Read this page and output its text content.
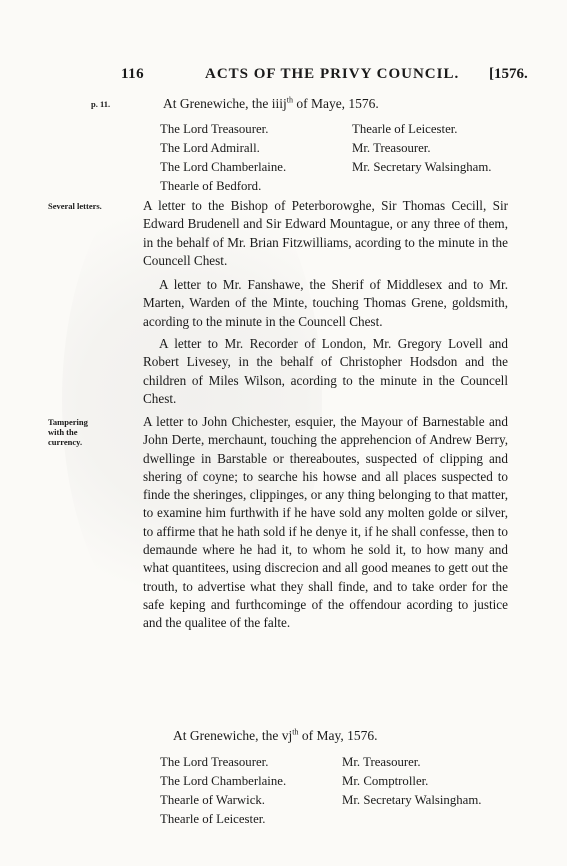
116	ACTS OF THE PRIVY COUNCIL. [1576.
p. 11.	At Grenewiche, the iiij$^{th}$ of Maye, 1576.
The Lord Treasourer.	Thearle of Leicester.
The Lord Admirall.	Mr. Treasourer.
The Lord Chamberlaine.	Mr. Secretary Walsingham.
Thearle of Bedford.
Several letters.	A letter to the Bishop of Peterborowghe, Sir Thomas Cecill, Sir Edward Brudenell and Sir Edward Mountague, or any three of them, in the behalf of Mr. Brian Fitzwilliams, acording to the minute in the Councell Chest.

A letter to Mr. Fanshawe, the Sherif of Middlesex and to Mr. Marten, Warden of the Minte, touching Thomas Grene, goldsmith, acording to the minute in the Councell Chest.

A letter to Mr. Recorder of London, Mr. Gregory Lovell and Robert Livesey, in the behalf of Christopher Hodsdon and the children of Miles Wilson, acording to the minute in the Councell Chest.

Tampering
with the
currency.

A letter to John Chichester, esquier, the Mayour of Barnestable and John Derte, merchaunt, touching the apprehencion of Andrew Berry, dwellinge in Barstable or thereaboutes, suspected of clipping and shering of coyne; to searche his howse and all places suspected to finde the sheringes, clippinges, or any thing belonging to that matter, to examine him furthwith if he have sold any molten golde or silver, to affirme that he hath sold if he denye it, if he shall confesse, then to demaunde where he had it, to whom he sold it, to how many and what quantitees, using discrecion and all good meanes to gett out the trouth, to advertise what they shall finde, and to take order for the safe keping and furthcominge of the offendour acording to justice and the qualitee of the falte.

At Grenewiche, the $vj^{th}$ of May, 1576.
The Lord Treasourer.	Mr. Treasourer.
The Lord Chamberlaine.	Mr. Comptroller.
Thearle of Warwick.	Mr. Secretary Walsingham.
Thearle of Leicester.
